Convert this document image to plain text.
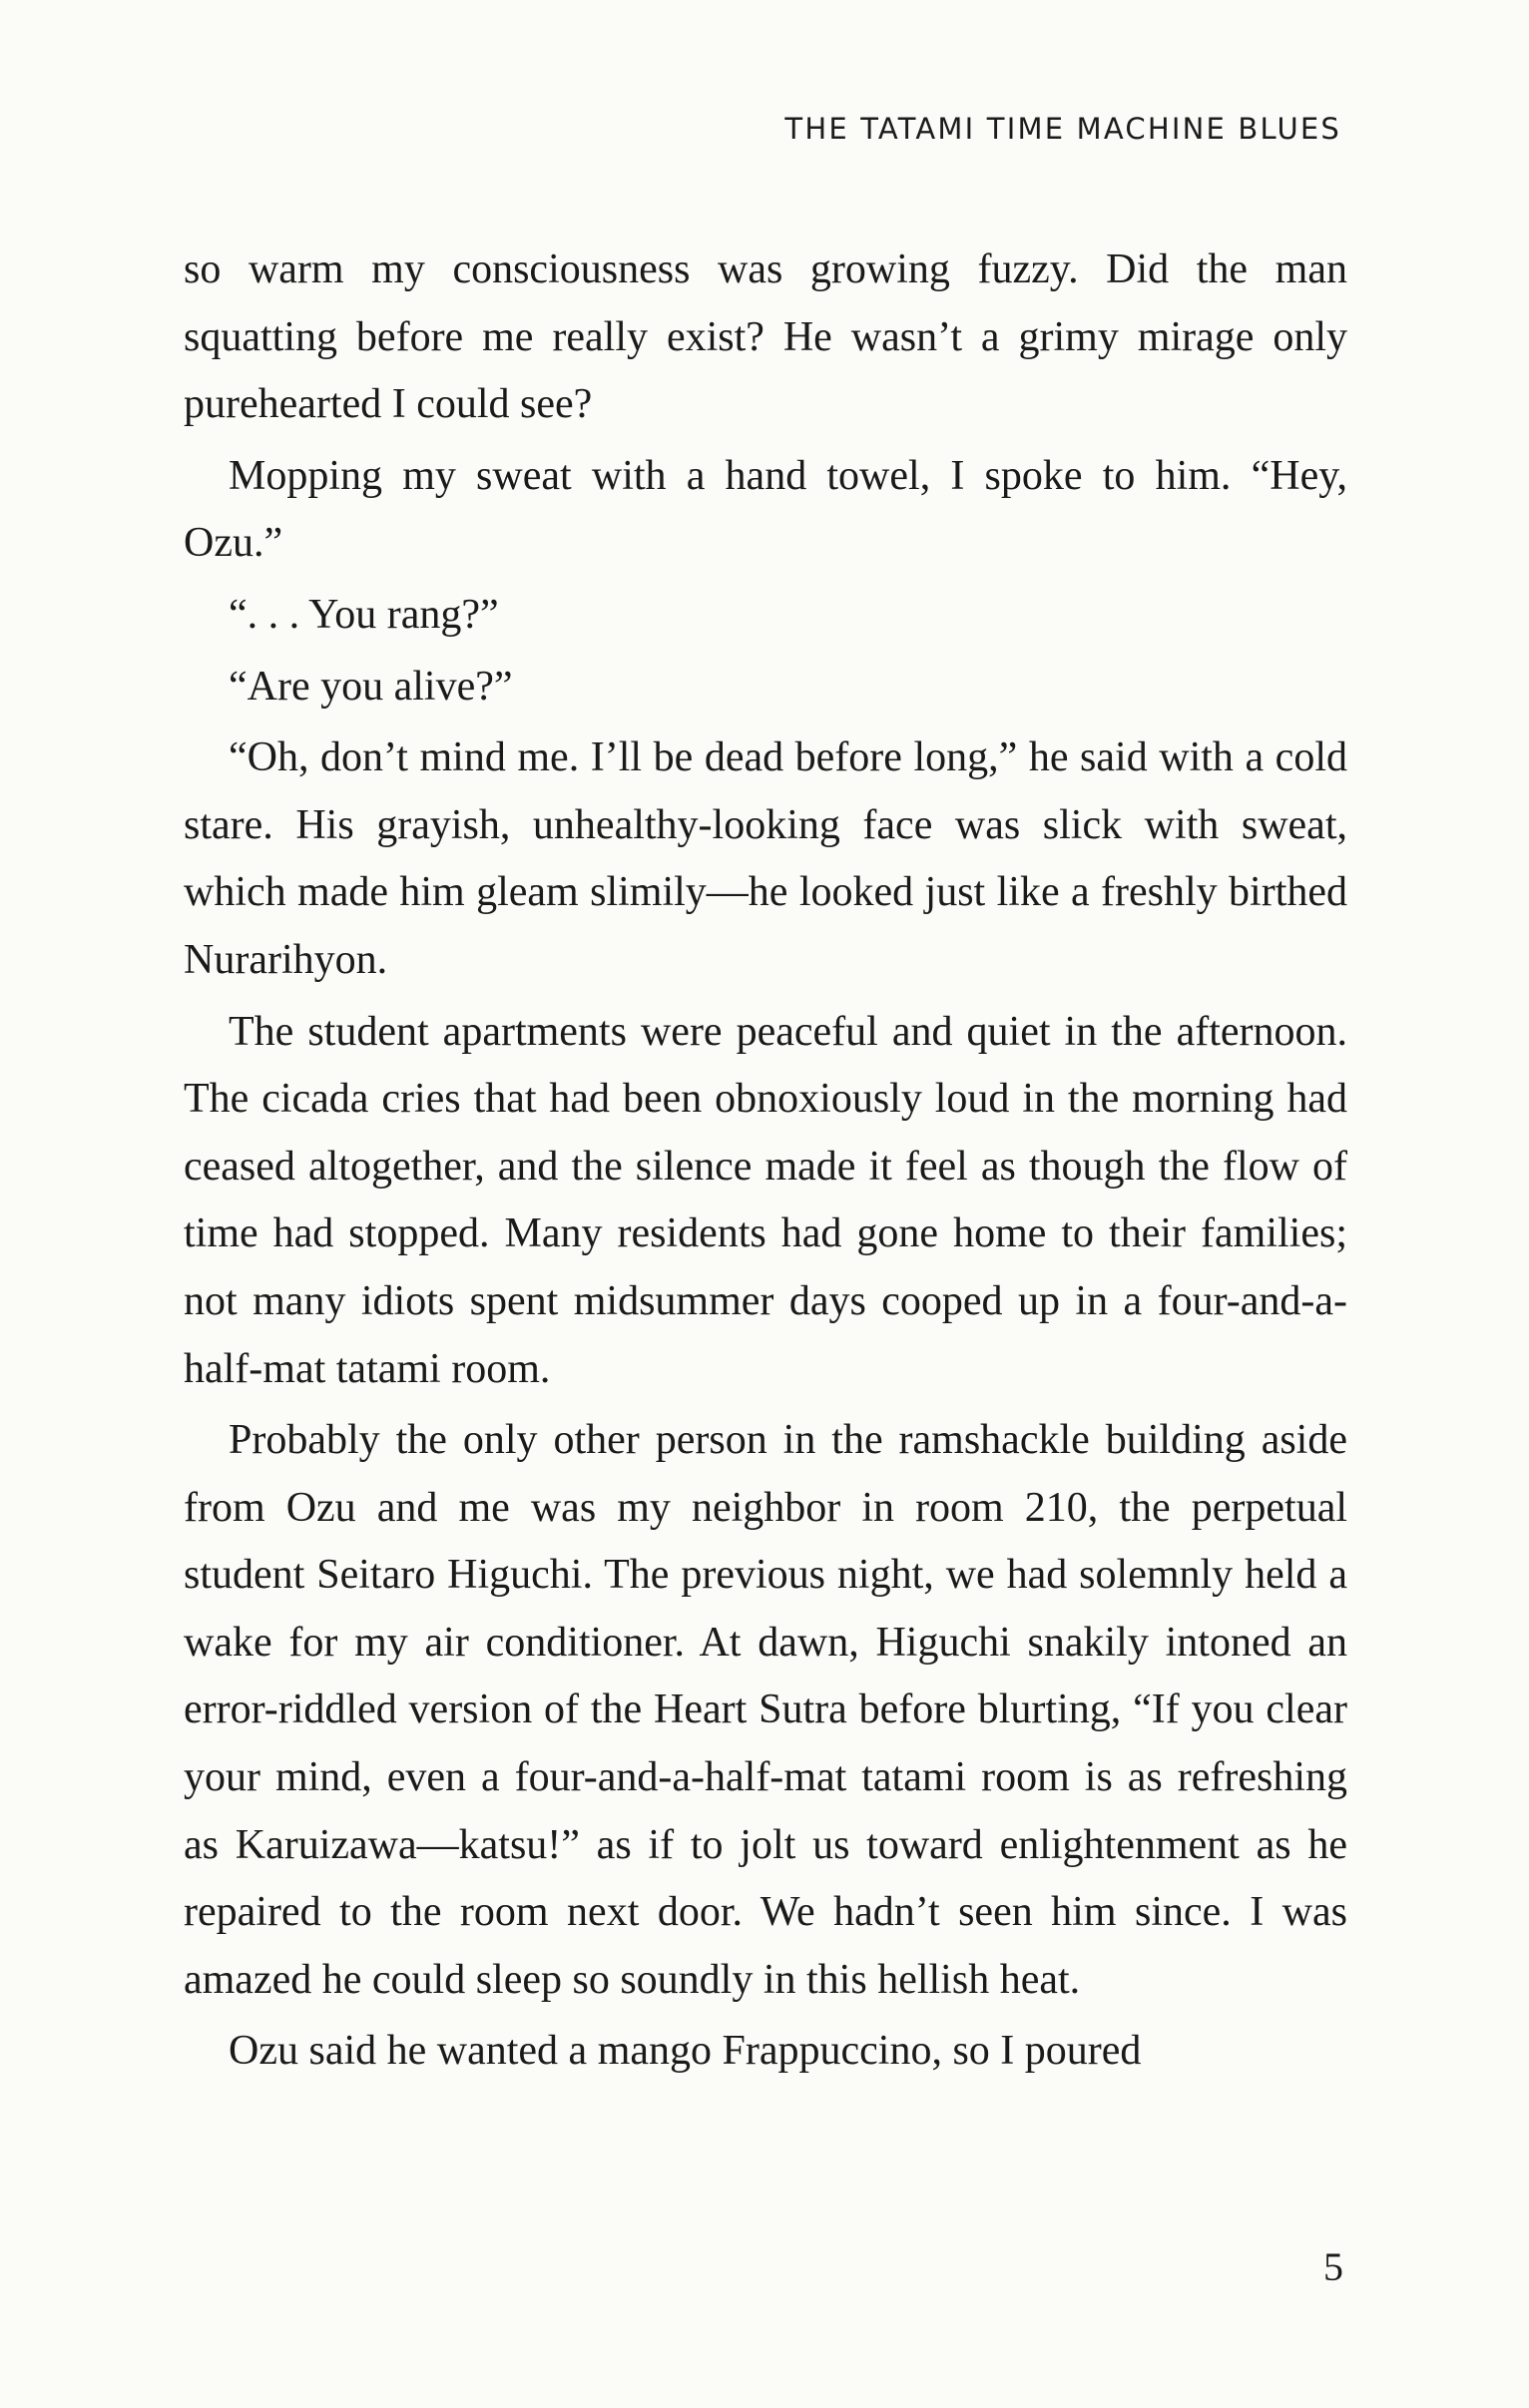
THE TATAMI TIME MACHINE BLUES

so warm my consciousness was growing fuzzy. Did the man squatting before me really exist? He wasn’t a grimy mirage only purehearted I could see?

Mopping my sweat with a hand towel, I spoke to him. “Hey, Ozu.”

“. . . You rang?”

“Are you alive?”

“Oh, don’t mind me. I’ll be dead before long,” he said with a cold stare. His grayish, unhealthy-looking face was slick with sweat, which made him gleam slimily—he looked just like a freshly birthed Nurarihyon.

The student apartments were peaceful and quiet in the afternoon. The cicada cries that had been obnoxiously loud in the morning had ceased altogether, and the silence made it feel as though the flow of time had stopped. Many residents had gone home to their families; not many idiots spent midsummer days cooped up in a four-and-a-half-mat tatami room.

Probably the only other person in the ramshackle building aside from Ozu and me was my neighbor in room 210, the perpetual student Seitaro Higuchi. The previous night, we had solemnly held a wake for my air conditioner. At dawn, Higuchi snakily intoned an error-riddled version of the Heart Sutra before blurting, “If you clear your mind, even a four-and-a-half-mat tatami room is as refreshing as Karuizawa—katsu!” as if to jolt us toward enlightenment as he repaired to the room next door. We hadn’t seen him since. I was amazed he could sleep so soundly in this hellish heat.

Ozu said he wanted a mango Frappuccino, so I poured

5
